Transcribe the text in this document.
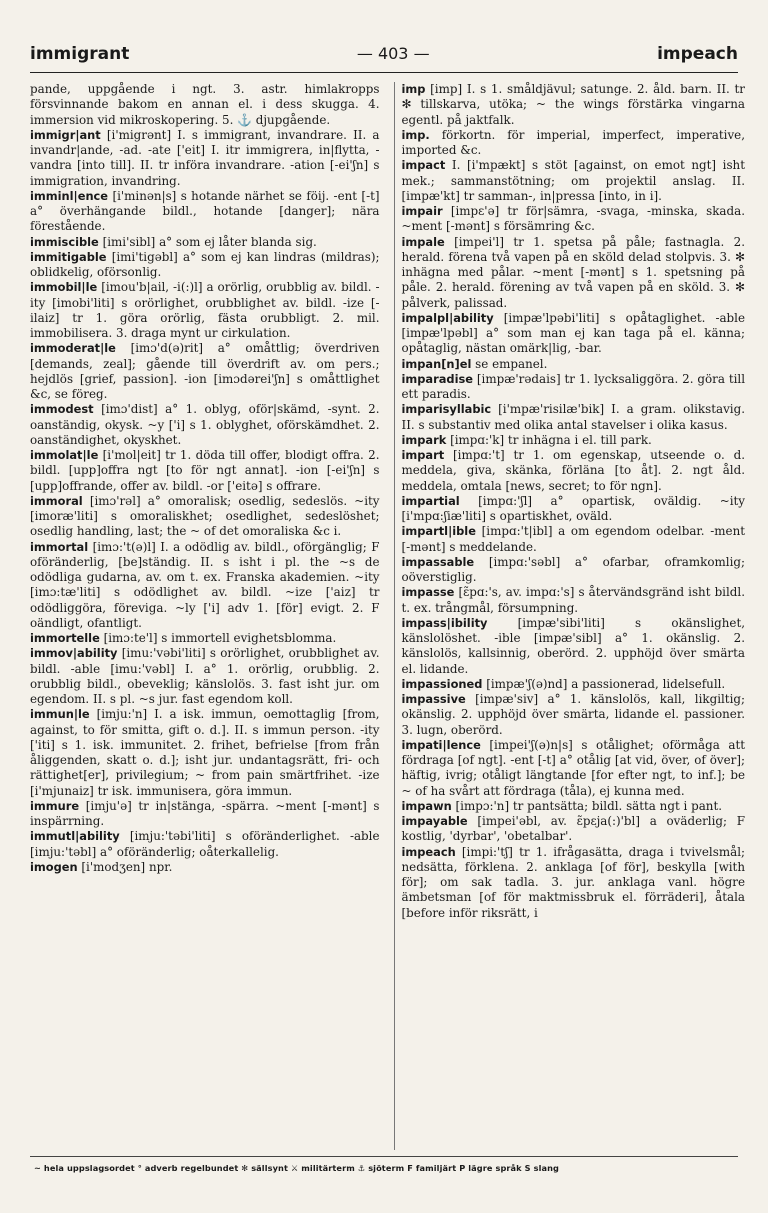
immigrant	— 403 —	impeach

pande, uppgående i ngt. 3. astr. himlakropps försvinnande bakom en annan el. i dess skugga. 4. immersion vid mikroskopering. 5. ⚓ djupgående.

immigr|ant [i'migrənt] I. s immigrant, invandrare. II. a invandr|ande, -ad. -ate ['eit] I. itr immigrera, in|flytta, -vandra [into till]. II. tr införa invandrare. -ation [-ei'ʃn] s immigration, invandring.

imminl|ence [i'minən|s] s hotande närhet se föij. -ent [-t] a° överhängande bildl., hotande [danger]; nära förestående.

immiscible [imi'sibl] a° som ej låter blanda sig.

immitigable [imi'tigəbl] a° som ej kan lindras (mildras); oblidkelig, oförsonlig.

immobil|le [imou'b|ail, -i(:)l] a orörlig, orubblig av. bildl. -ity [imobi'liti] s orörlighet, orubblighet av. bildl. -ize [-ilaiz] tr 1. göra orörlig, fästa orubbligt. 2. mil. immobilisera. 3. draga mynt ur cirkulation.

immoderat|le [imɔ'd(ə)rit] a° omåttlig; överdriven [demands, zeal]; gående till överdrift av. om pers.; hejdlös [grief, passion]. -ion [imɔdərei'ʃn] s omåttlighet &c, se föreg.

immodest [imɔ'dist] a° 1. oblyg, oför|skämd, -synt. 2. oanständig, okysk. ~y ['i] s 1. oblyghet, oförskämdhet. 2. oanständighet, okyskhet.

immolat|le [i'mol|eit] tr 1. döda till offer, blodigt offra. 2. bildl. [upp]offra ngt [to för ngt annat]. -ion [-ei'ʃn] s [upp]offrande, offer av. bildl. -or ['eitə] s offrare.

immoral [imɔ'rəl] a° omoralisk; osedlig, sedeslös. ~ity [imoræ'liti] s omoraliskhet; osedlighet, sedeslöshet; osedlig handling, last; the ~ of det omoraliska &c i.

immortal [imɔ:'t(ə)l] I. a odödlig av. bildl., oförgänglig; F oföränderlig, [be]ständig. II. s isht i pl. the ~s de odödliga gudarna, av. om t. ex. Franska akademien. ~ity [imɔ:tæ'liti] s odödlighet av. bildl. ~ize ['aiz] tr odödliggöra, föreviga. ~ly ['i] adv 1. [för] evigt. 2. F oändligt, ofantligt.

immortelle [imɔ:te'l] s immortell evighetsblomma.

immov|ability [imu:'vəbi'liti] s orörlighet, orubblighet av. bildl. -able [imu:'vəbl] I. a° 1. orörlig, orubblig. 2. orubblig bildl., obeveklig; känslolös. 3. fast isht jur. om egendom. II. s pl. ~s jur. fast egendom koll.

immun|le [imju:'n] I. a isk. immun, oemottaglig [from, against, to för smitta, gift o. d.]. II. s immun person. -ity ['iti] s 1. isk. immunitet. 2. frihet, befrielse [from från åliggenden, skatt o. d.]; isht jur. undantagsrätt, fri- och rättighet[er], privilegium; ~ from pain smärtfrihet. -ize [i'mjunaiz] tr isk. immunisera, göra immun.

immure [imju'ə] tr in|stänga, -spärra. ~ment [-mənt] s inspärrning.

immutl|ability [imju:'təbi'liti] s oföränderlighet. -able [imju:'təbl] a° oföränderlig; oåterkallelig.

imogen [i'modʒen] npr.

imp [imp] I. s 1. småldjävul; satunge. 2. åld. barn. II. tr ✻ tillskarva, utöka; ~ the wings förstärka vingarna egentl. på jaktfalk.

imp. förkortn. för imperial, imperfect, imperative, imported &c.

impact I. [i'mpækt] s stöt [against, on emot ngt] isht mek.; sammanstötning; om projektil anslag. II. [impæ'kt] tr samman-, in|pressa [into, in i].

impair [impɛ'ə] tr för|sämra, -svaga, -minska, skada. ~ment [-mənt] s försämring &c.

impale [impei'l] tr 1. spetsa på påle; fastnagla. 2. herald. förena två vapen på en sköld delad stolpvis. 3. ✻ inhägna med pålar. ~ment [-mənt] s 1. spetsning på påle. 2. herald. förening av två vapen på en sköld. 3. ✻ pålverk, palissad.

impalpl|ability [impæ'lpəbi'liti] s opåtaglighet. -able [impæ'lpəbl] a° som man ej kan taga på el. känna; opåtaglig, nästan omärk|lig, -bar.

impan[n]el se empanel.

imparadise [impæ'rədais] tr 1. lycksaliggöra. 2. göra till ett paradis.

imparisyllabic [i'mpæ'risilæ'bik] I. a gram. olikstavig. II. s substantiv med olika antal stavelser i olika kasus.

impark [impɑ:'k] tr inhägna i el. till park.

impart [impɑ:'t] tr 1. om egenskap, utseende o. d. meddela, giva, skänka, förläna [to åt]. 2. ngt åld. meddela, omtala [news, secret; to för ngn].

impartial [impɑ:'ʃl] a° opartisk, oväldig. ~ity [i'mpɑ:ʃiæ'liti] s opartiskhet, oväld.

impartl|ible [impɑ:'t|ibl] a om egendom odelbar. -ment [-mənt] s meddelande.

impassable [impɑ:'səbl] a° ofarbar, oframkomlig; oöverstiglig.

impasse [ɛ̃pɑ:'s, av. impɑ:'s] s återvändsgränd isht bildl. t. ex. trångmål, försumpning.

impass|ibility	[impæ'sibi'liti] s okänslighet, känslolöshet. -ible [impæ'sibl] a° 1. okänslig. 2. känslolös, kallsinnig, oberörd. 2. upphöjd över smärta el. lidande.

impassioned [impæ'ʃ(ə)nd] a passionerad, lidelsefull.

impassive [impæ'siv] a° 1. känslolös, kall, likgiltig; okänslig. 2. upphöjd över smärta, lidande el. passioner. 3. lugn, oberörd.

impati|lence [impei'ʃ(ə)n|s] s otålighet; oförmåga att fördraga [of ngt]. -ent [-t] a° otålig [at vid, över, of över]; häftig, ivrig; otåligt längtande [for efter ngt, to inf.]; be ~ of ha svårt att fördraga (tåla), ej kunna med.

impawn [impɔ:'n] tr pantsätta; bildl. sätta ngt i pant.

impayable [impei'əbl, av. ɛ̃pɛja(:)'bl] a oväderlig; F kostlig, 'dyrbar', 'obetalbar'.

impeach [impi:'tʃ] tr 1. ifrågasätta, draga i tvivelsmål; nedsätta, förklena. 2. anklaga [of för], beskylla [with för]; om sak tadla. 3. jur. anklaga vanl. högre ämbetsman [of för maktmissbruk el. förräderi], åtala [before inför riksrätt, i

~ hela uppslagsordet ° adverb regelbundet ✻ sällsynt ⚔ militärterm ⚓ sjöterm F familjärt P lägre språk S slang
